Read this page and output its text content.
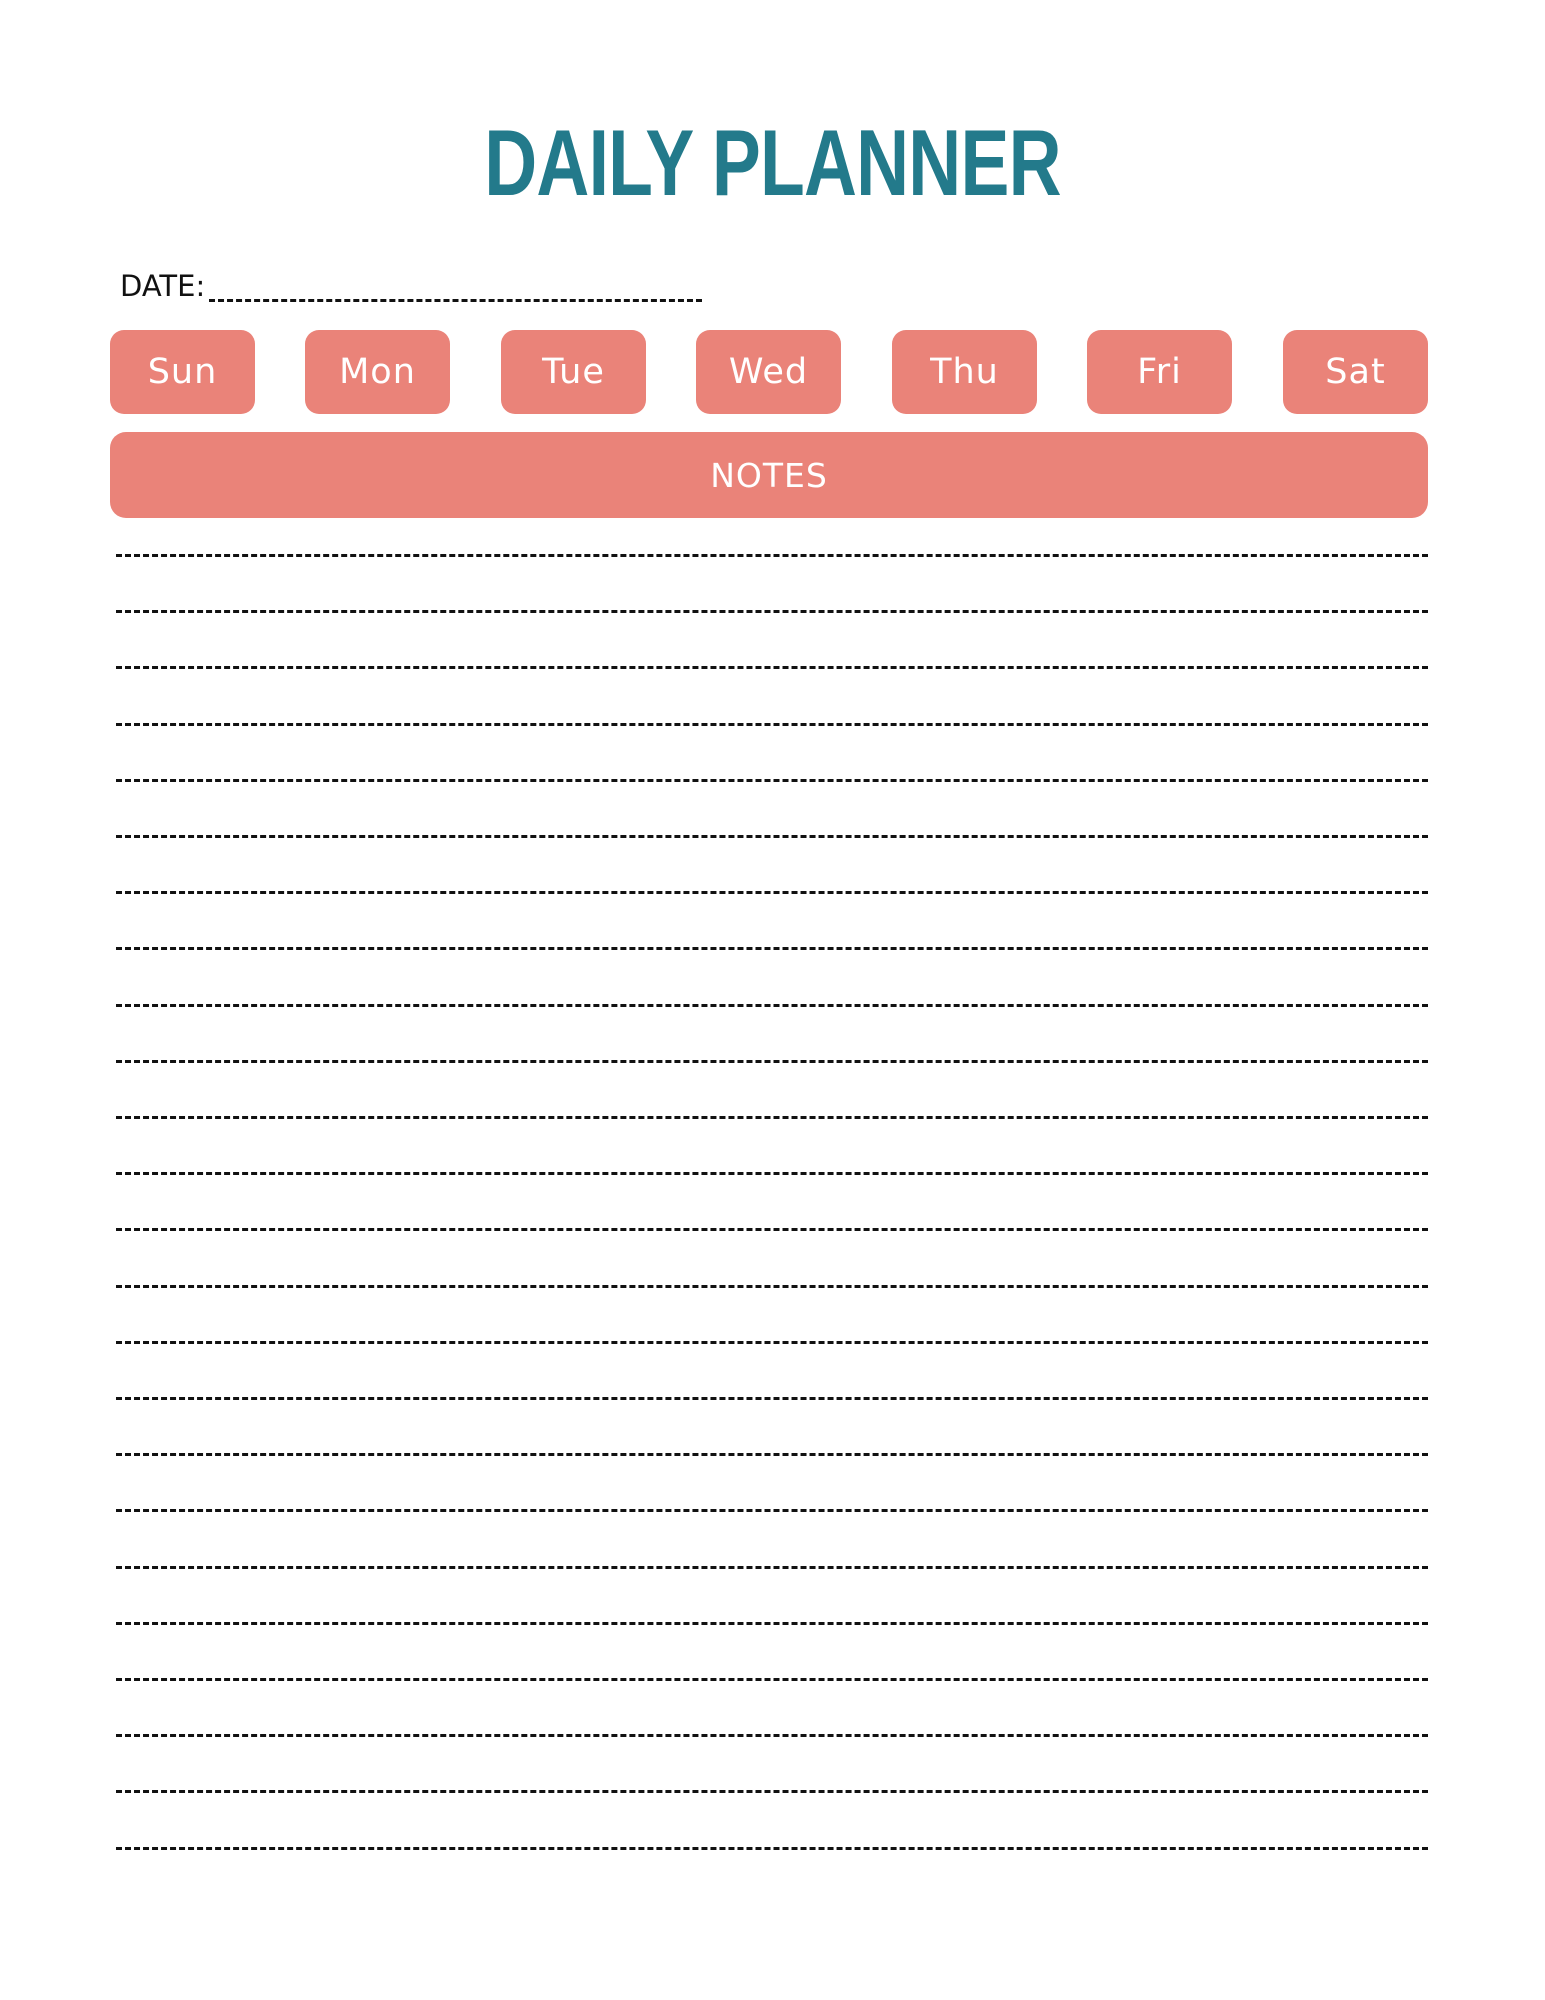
DAILY PLANNER
DATE:
Sun	Mon	Tue	Wed	Thu	Fri	Sat
NOTES
